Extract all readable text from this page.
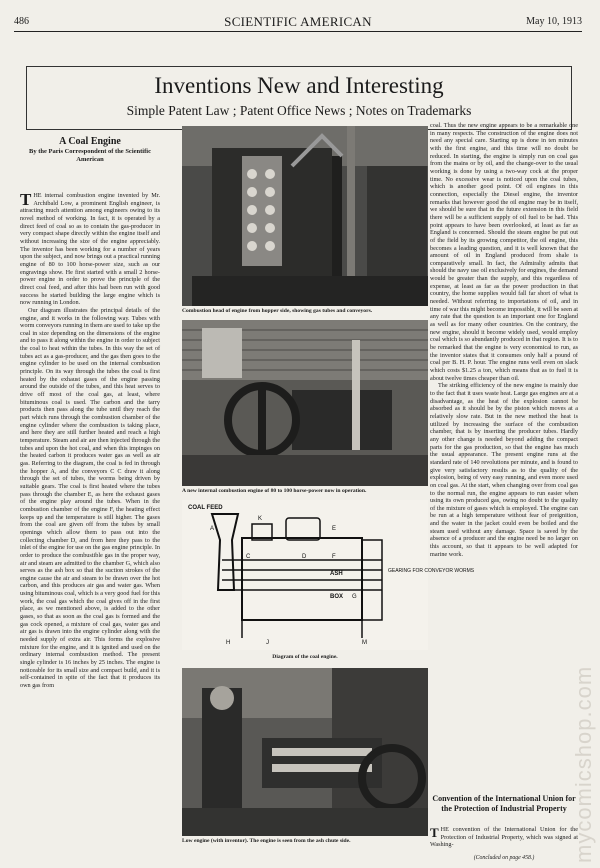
486	SCIENTIFIC AMERICAN	May 10, 1913
Inventions New and Interesting
Simple Patent Law ; Patent Office News ; Notes on Trademarks
A Coal Engine
By the Paris Correspondent of the Scientific American

THE internal combustion engine invented by Mr. Archibald Low, a prominent English engineer, is attracting much attention among engineers owing to its novel method of working. In fact, it is operated by a direct feed of coal so as to contain the gas-producer in very compact shape directly within the engine itself and without increasing the size of the engine appreciably. The inventor has been working for a number of years upon the subject, and now brings out a practical running engine of 80 to 100 horse-power size, such as our engravings show. He first started with a small 2 horse-power engine in order to prove the principle of the direct coal feed, and after this had been run with good success he started building the large engine which is now running in London.

Our diagram illustrates the principal details of the engine, and it works in the following way. Tubes with worm conveyors running in them are used to take up the coal in size depending on the dimensions of the engine and to pass it along within the engine in order to subject the coal to heat within the tubes. In this way the set of tubes act as a gas-producer, and the gas then goes to the engine cylinder to be used on the internal combustion principle. On its way through the tubes the coal is first heated by the exhaust gases of the engine passing around the outside of the tubes, and this heat serves to drive off most of the coal gas, at least, where bituminous coal is used. The carbon and the tarry products then pass along the tube until they reach the part which runs through the combustion chamber of the engine cylinder where the combustion is taking place, and here they are still further heated and reach a high temperature. Steam and air are then injected through the tubes and upon the hot coal, and when this impinges on the heated carbon it produces water gas as well as air gas. Referring to the diagram, the coal is fed in through the hopper A, and the conveyors C C draw it along through the set of tubes, the worms being driven by suitable gears. The coal is first heated where the tubes pass through the chamber E, as here the exhaust gases of the engine play around the tubes. When in the combustion chamber of the engine F, the heating effect keeps up and the temperature is still higher. The gases from the coal are given off from the tubes by small openings which allow them to pass out into the collecting chamber D, and from here they pass to the inlet of the engine for use on the gas engine principle. In order to produce the combustible gas in the proper way, air and steam are admitted to the chamber G, which also serves as the ash box so that the suction strokes of the engine cause the air and steam to be drawn over the hot carbon, and this produces air gas and water gas. When using bituminous coal, which is a very good fuel for this work, the coal gas which the coal gives off in the first place, as we mentioned above, is added to the other gases, so that as soon as the coal gas is formed and the gas cock opened, a mixture of coal gas, water gas and air gas is drawn into the engine cylinder along with the needed supply of extra air. This forms the explosive mixture for the engine, and it is ignited and used on the ordinary internal combustion method. The present single cylinder is 16 inches by 25 inches. The engine is noticeable for its small size and compact build, and it is self-contained in spite of the fact that it produces its own gas from

Combustion head of engine from hopper side, showing gas tubes and conveyors.
A new internal combustion engine of 80 to 100 horse-power now in operation.
COAL FEED
A
K
E
C	D	F
ASH
BOX G
GEARING FOR CONVEYOR WORMS
H	J	M
Diagram of the coal engine.
Low engine (with inventor). The engine is seen from the ash chute side.

coal. Thus the new engine appears to be a remarkable one in many respects. The construction of the engine does not need any special care. Starting up is done in ten minutes with the first engine, and this time will no doubt be reduced. In starting, the engine is simply run on coal gas from the mains or by oil, and the change-over to the usual working is done by using a two-way cock at the proper time. No excessive wear is noticed upon the coal tubes, which is another good point. Of oil engines in this connection, especially the Diesel engine, the inventor remarks that however good the oil engine may be in itself, we should be sure that in the future extension in this field there will be a sufficient supply of oil fuel to be had. This point appears to have been overlooked, at least as far as England is concerned. Should the steam engine be put out of the field by its growing competitor, the oil engine, this becomes a leading question, and it is well known that the amount of oil in England produced from shale is comparatively small. In fact, the Admiralty admits that should the navy use oil exclusively for engines, the demand would be greater than the supply, and this regardless of expense, at least as far as the power production in that country, the home supplies would fall far short of what is needed. Without referring to importations of oil, and in time of war this might become impossible, it will be seen at any rate that the question is an important one for England as well as for many other countries. On the contrary, the new engine, should it become widely used, would employ coal which is so abundantly produced in that region. It is to be remarked that the engine is very economical to run, as the inventor states that it consumes only half a pound of coal per B. H. P. hour. The engine runs well even on slack which costs $1.25 a ton, which means that as to fuel it is about twelve times cheaper than oil.

The striking efficiency of the new engine is mainly due to the fact that it uses waste heat. Large gas engines are at a disadvantage, as the heat of the explosion cannot be absorbed as it should be by the piston which moves at a relatively slow rate. But in the new method the heat is utilized by increasing the surface of the combustion chamber, that is by inserting the producer tubes. Hardly any other change is needed beyond adding the compact parts for the gas production, so that the engine has much the usual appearance. The present engine runs at the standard rate of 140 revolutions per minute, and is found to give very satisfactory results as to the quality of the explosion, being of very easy running, and even more used on coal gas. At the start, when changing over from coal gas to the normal run, the engine appears to run easier when using its own produced gas, owing no doubt to the quality of the mixture of gases which is employed. The engine can be run at a high temperature without fear of preignition, and the water in the jacket could even be boiled and the steam used without any damage. Space is saved by the absence of a producer and the engine need be no larger on this account, so that it appears to be well adapted for marine work.

Convention of the International Union for the Protection of Industrial Property

THE convention of the International Union for the Protection of Industrial Property, which was signed at Washing-

(Concluded on page 458.)	mycomicshop.com
